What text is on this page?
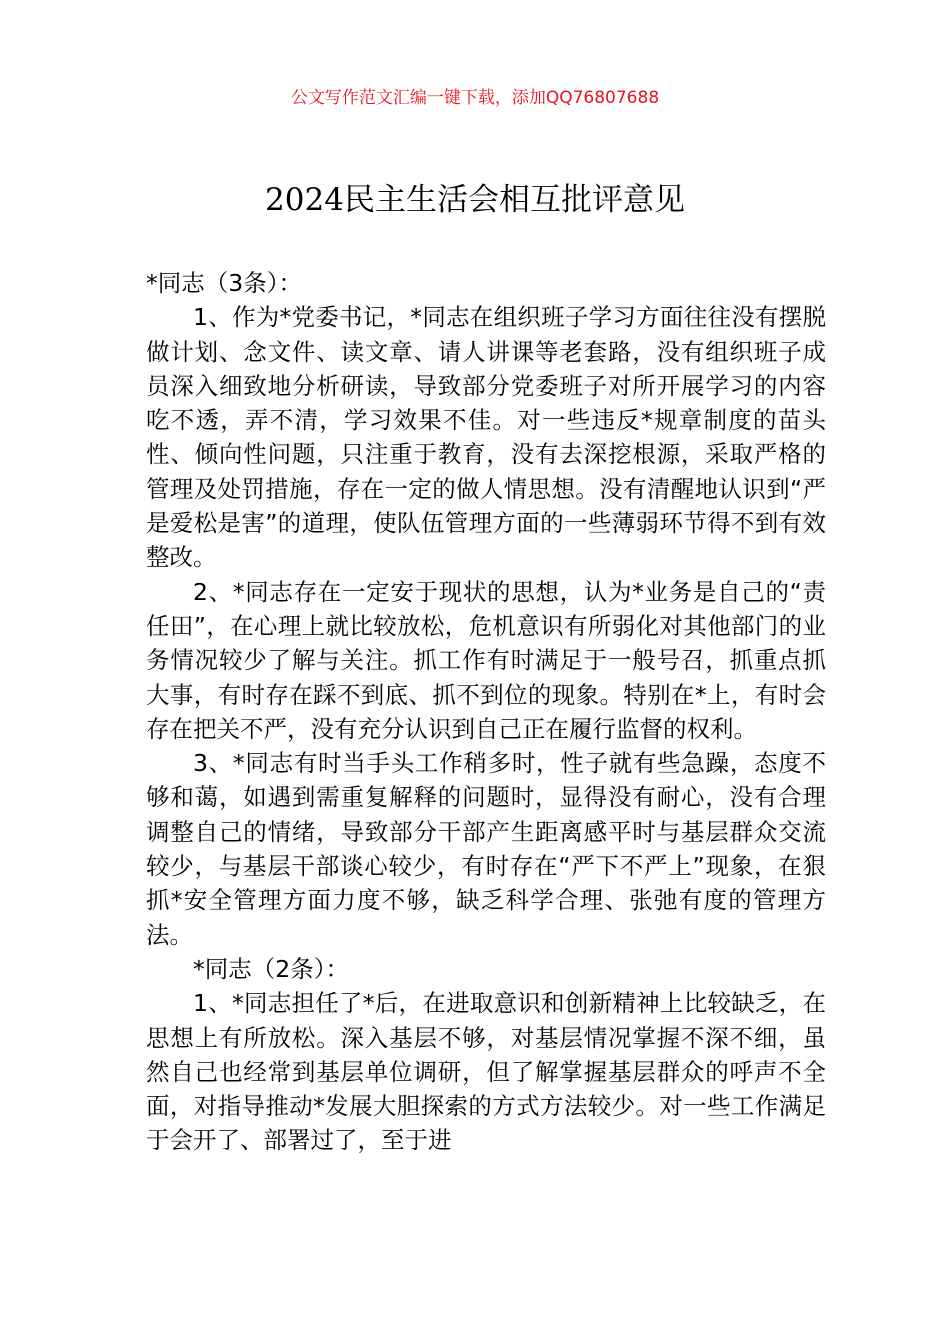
公文写作范文汇编一键下载，添加QQ76807688
2024民主生活会相互批评意见

*同志（3条）：

1、作为*党委书记，*同志在组织班子学习方面往往没有摆脱做计划、念文件、读文章、请人讲课等老套路，没有组织班子成员深入细致地分析研读，导致部分党委班子对所开展学习的内容吃不透，弄不清，学习效果不佳。对一些违反*规章制度的苗头性、倾向性问题，只注重于教育，没有去深挖根源，采取严格的管理及处罚措施，存在一定的做人情思想。没有清醒地认识到“严是爱松是害”的道理，使队伍管理方面的一些薄弱环节得不到有效整改。

2、*同志存在一定安于现状的思想，认为*业务是自己的“责任田”，在心理上就比较放松，危机意识有所弱化对其他部门的业务情况较少了解与关注。抓工作有时满足于一般号召，抓重点抓大事，有时存在踩不到底、抓不到位的现象。特别在*上，有时会存在把关不严，没有充分认识到自己正在履行监督的权利。

3、*同志有时当手头工作稍多时，性子就有些急躁，态度不够和蔼，如遇到需重复解释的问题时，显得没有耐心，没有合理调整自己的情绪，导致部分干部产生距离感平时与基层群众交流较少，与基层干部谈心较少，有时存在“严下不严上”现象，在狠抓*安全管理方面力度不够，缺乏科学合理、张弛有度的管理方法。

*同志（2条）：

1、*同志担任了*后，在进取意识和创新精神上比较缺乏，在思想上有所放松。深入基层不够，对基层情况掌握不深不细，虽然自己也经常到基层单位调研，但了解掌握基层群众的呼声不全面，对指导推动*发展大胆探索的方式方法较少。对一些工作满足于会开了、部署过了，至于进
